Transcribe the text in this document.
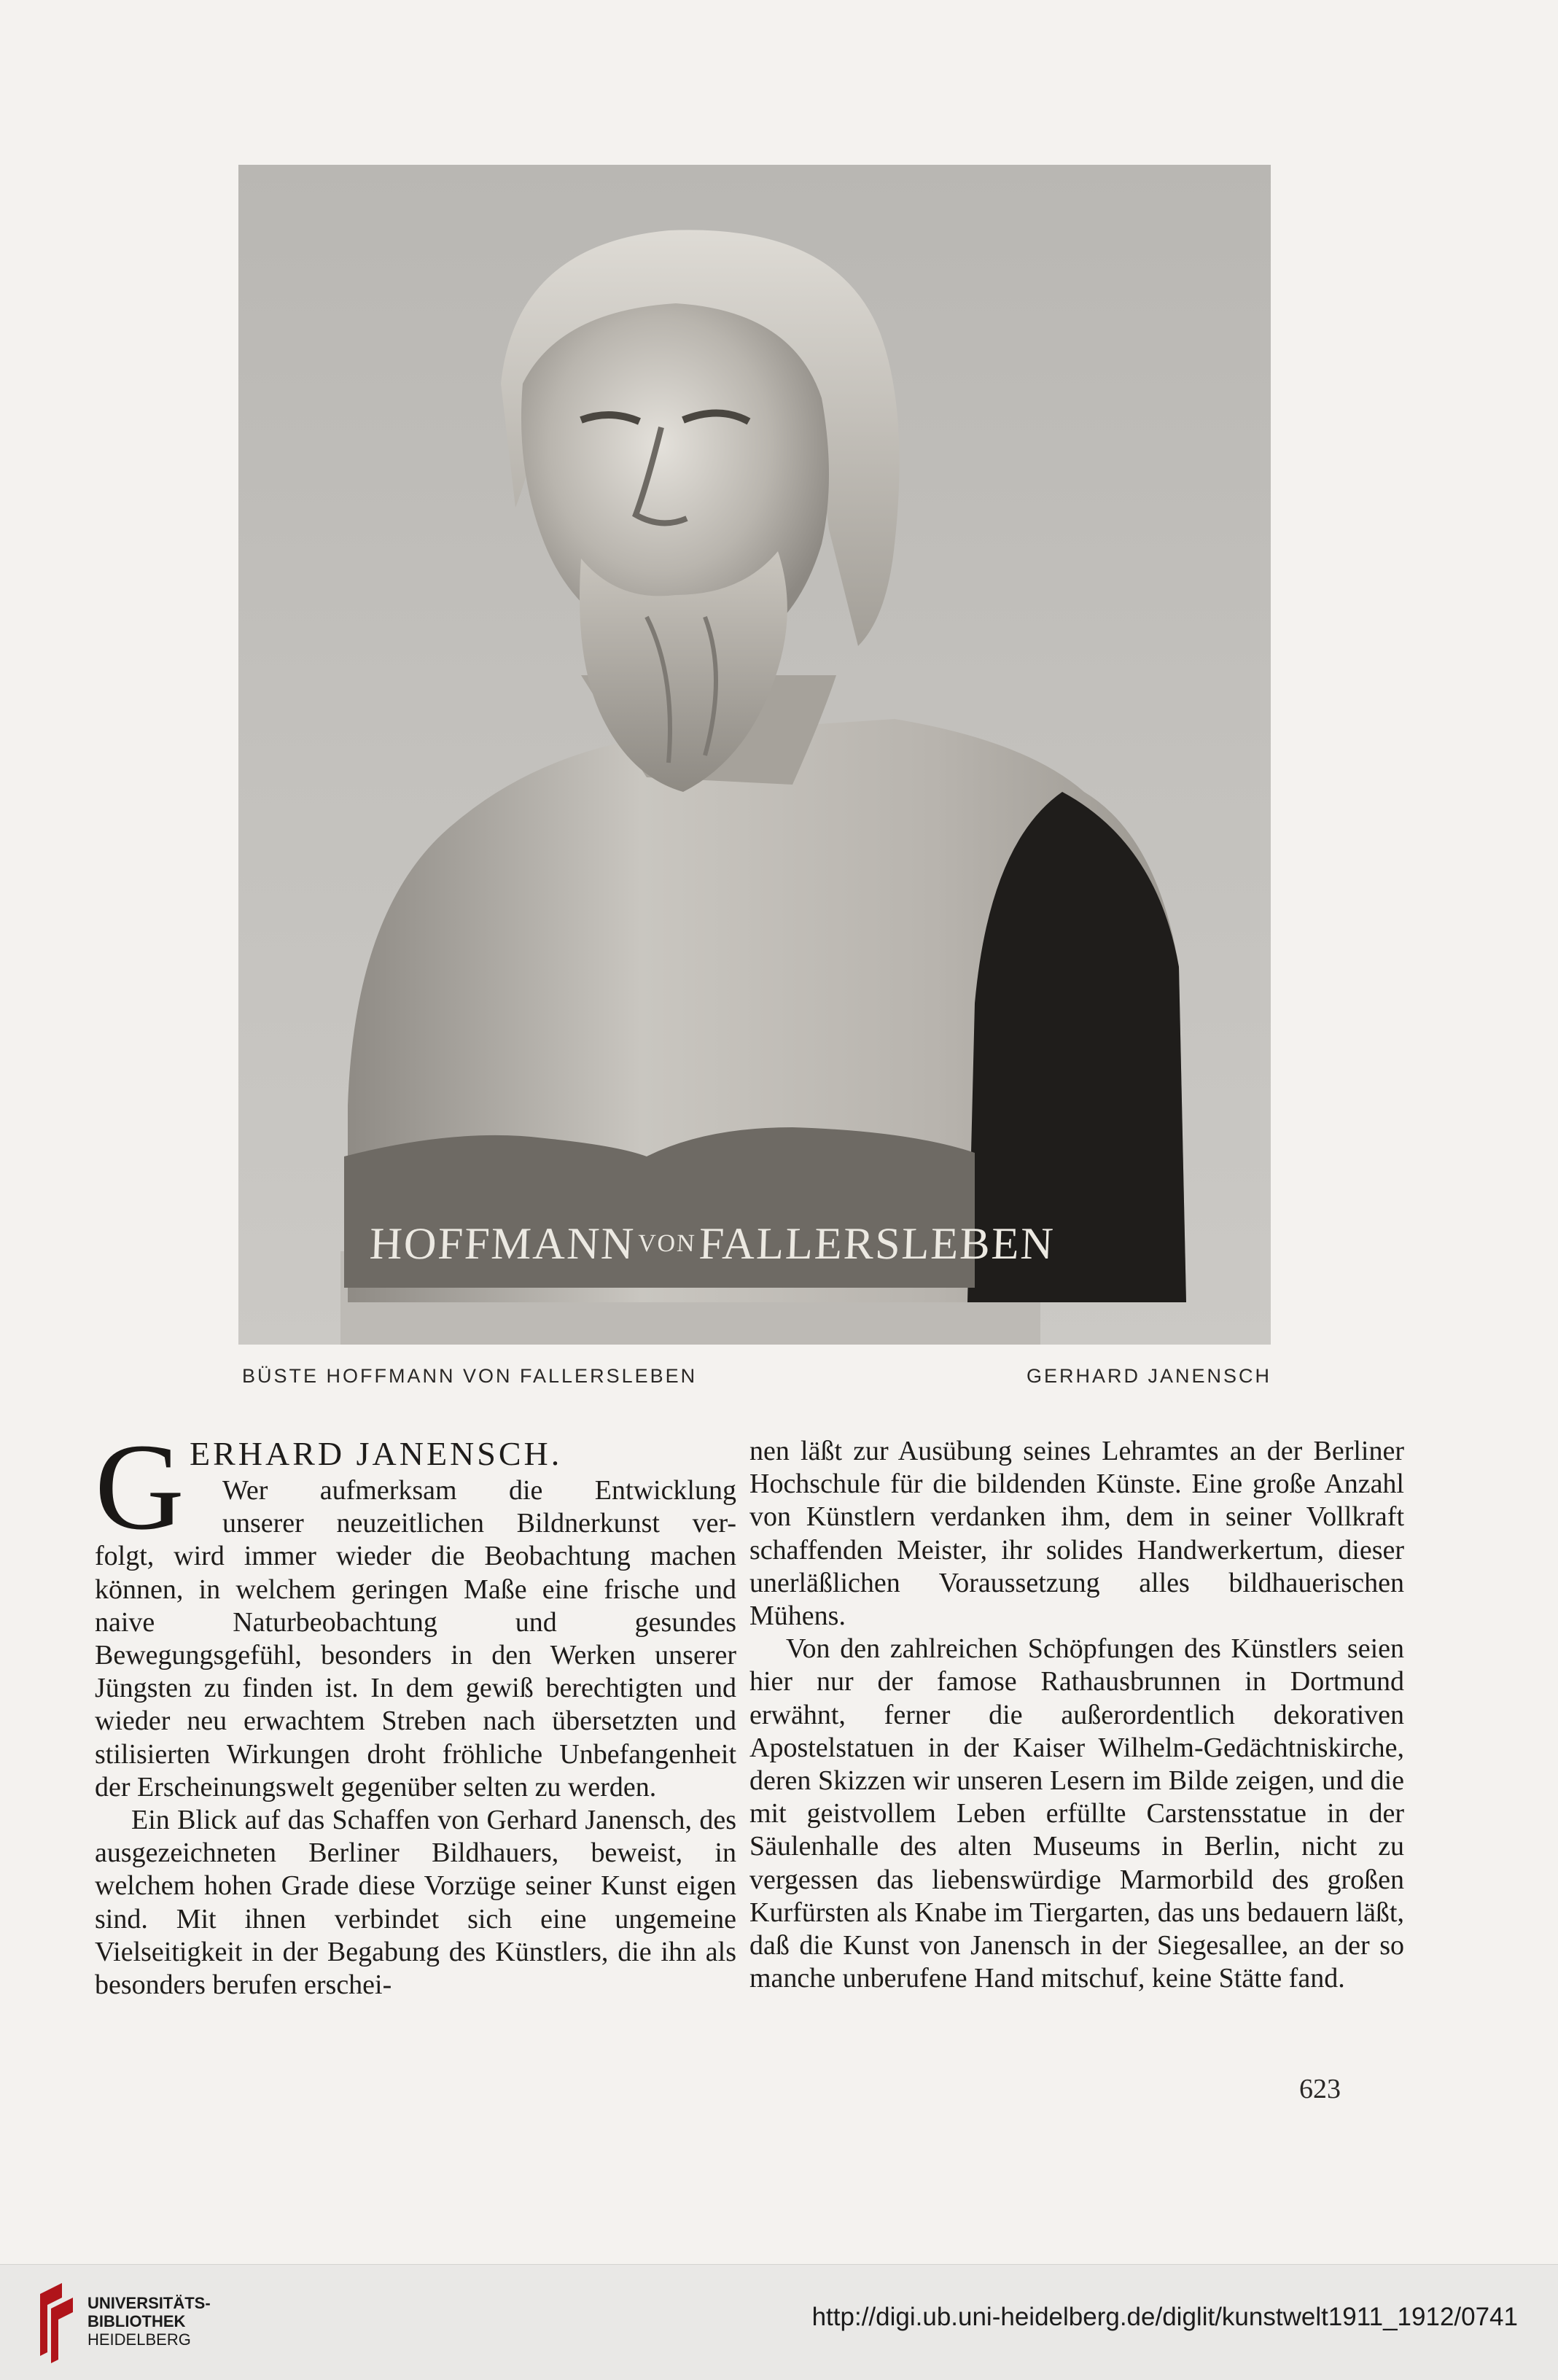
HOFFMANN VON FALLERSLEBEN
BÜSTE HOFFMANN VON FALLERSLEBEN	GERHARD JANENSCH
G ERHARD JANENSCH.
Wer aufmerksam die Entwicklung
unserer neuzeitlichen Bildnerkunst ver-

folgt, wird immer wieder die Beobachtung machen können, in welchem geringen Maße eine frische und naive Naturbeobachtung und gesundes Bewegungsgefühl, besonders in den Werken unserer Jüngsten zu finden ist. In dem gewiß berechtigten und wieder neu erwachtem Streben nach übersetzten und stilisierten Wirkungen droht fröhliche Unbefangenheit der Erscheinungswelt gegenüber selten zu werden.

Ein Blick auf das Schaffen von Gerhard Janensch, des ausgezeichneten Berliner Bildhauers, beweist, in welchem hohen Grade diese Vorzüge seiner Kunst eigen sind. Mit ihnen verbindet sich eine ungemeine Vielseitigkeit in der Begabung des Künstlers, die ihn als besonders berufen erschei-

nen läßt zur Ausübung seines Lehramtes an der Berliner Hochschule für die bildenden Künste. Eine große Anzahl von Künstlern verdanken ihm, dem in seiner Vollkraft schaffenden Meister, ihr solides Handwerkertum, dieser unerläßlichen Voraussetzung alles bildhauerischen Mühens.

Von den zahlreichen Schöpfungen des Künstlers seien hier nur der famose Rathausbrunnen in Dortmund erwähnt, ferner die außerordentlich dekorativen Apostelstatuen in der Kaiser Wilhelm-Gedächtniskirche, deren Skizzen wir unseren Lesern im Bilde zeigen, und die mit geistvollem Leben erfüllte Carstensstatue in der Säulenhalle des alten Museums in Berlin, nicht zu vergessen das liebenswürdige Marmorbild des großen Kurfürsten als Knabe im Tiergarten, das uns bedauern läßt, daß die Kunst von Janensch in der Siegesallee, an der so manche unberufene Hand mitschuf, keine Stätte fand.

623
UNIVERSITÄTS-
BIBLIOTHEK
HEIDELBERG
http://digi.ub.uni-heidelberg.de/diglit/kunstwelt1911_1912/0741
